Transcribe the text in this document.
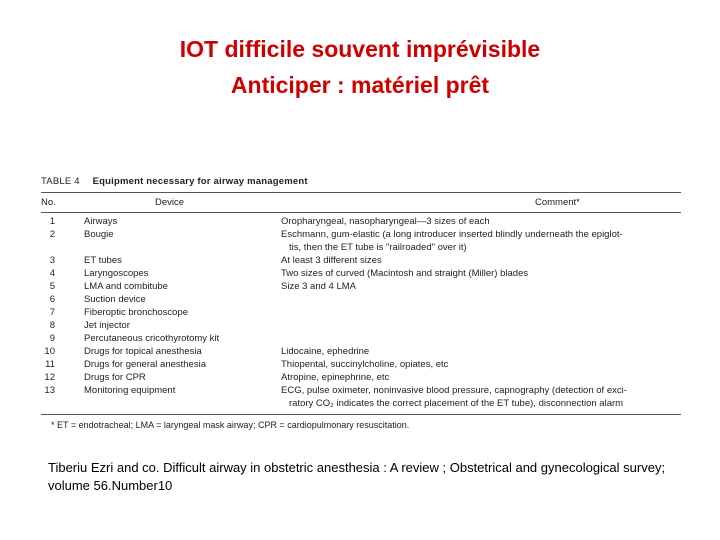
IOT difficile souvent imprévisible
Anticiper : matériel prêt
TABLE 4 Equipment necessary for airway management
No.	Device	Comment*
1	Airways	Oropharyngeal, nasopharyngeal—3 sizes of each
2	Bougie	Eschmann, gum-elastic (a long introducer inserted blindly underneath the epiglot-
tis, then the ET tube is "railroaded" over it)
3	ET tubes	At least 3 different sizes
4	Laryngoscopes	Two sizes of curved (Macintosh and straight (Miller) blades
5	LMA and combitube	Size 3 and 4 LMA
6	Suction device
7	Fiberoptic bronchoscope
8	Jet injector
9	Percutaneous cricothyrotomy kit
10	Drugs for topical anesthesia	Lidocaine, ephedrine
11	Drugs for general anesthesia	Thiopental, succinylcholine, opiates, etc
12	Drugs for CPR	Atropine, epinephrine, etc
13	Monitoring equipment	ECG, pulse oximeter, noninvasive blood pressure, capnography (detection of exci-
ratory CO₂ indicates the correct placement of the ET tube), disconnection alarm
* ET = endotracheal; LMA = laryngeal mask airway; CPR = cardiopulmonary resuscitation.
Tiberiu Ezri and co. Difficult airway in obstetric anesthesia : A review ; Obstetrical and gynecological survey; volume 56.Number10
